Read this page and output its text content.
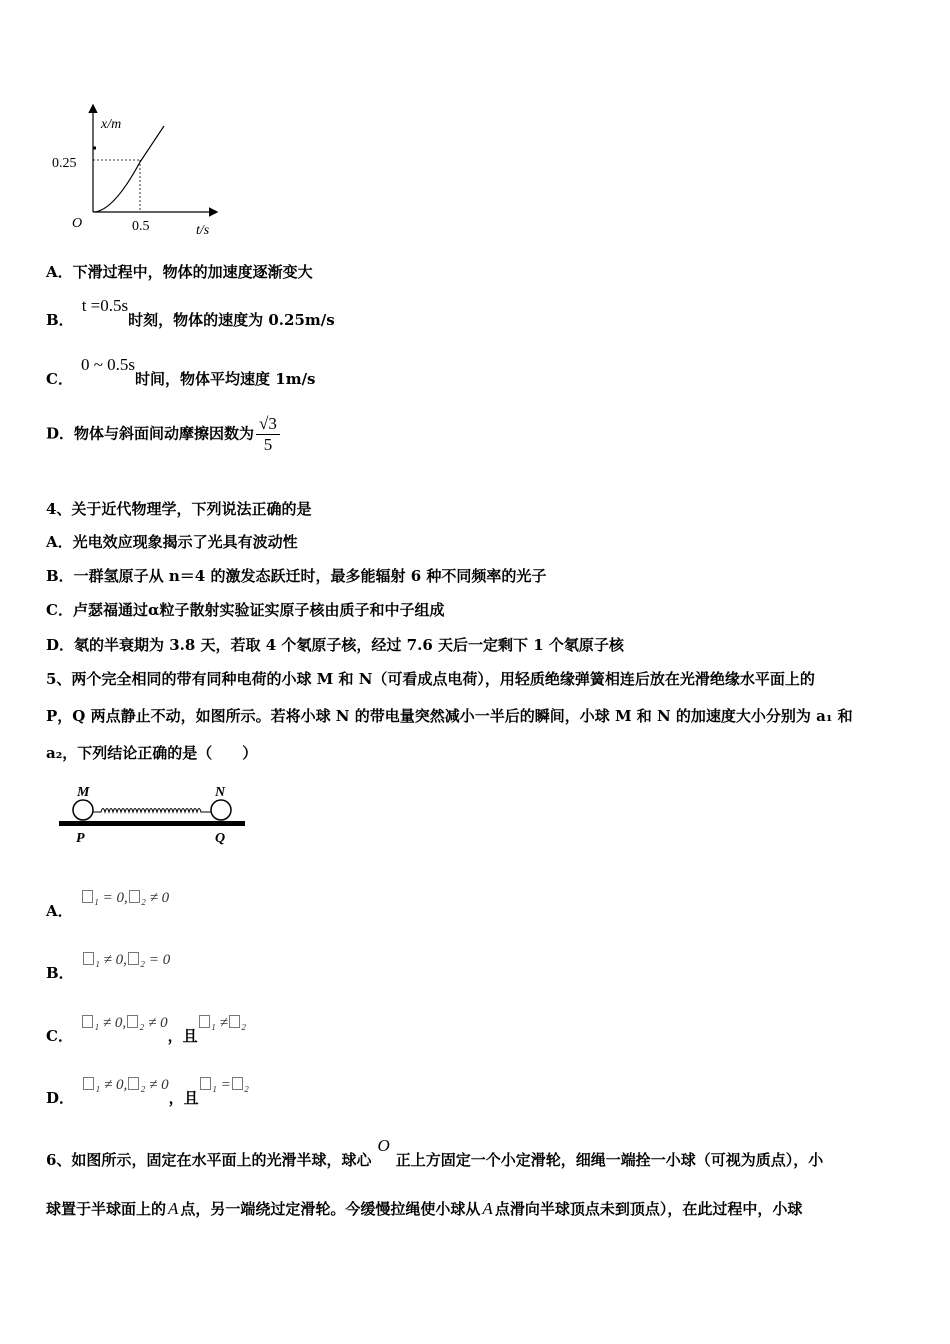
x/m
t/s
O
0.25
0.5
A．下滑过程中，物体的加速度逐渐变大
B．t =0.5s时刻，物体的速度为 0.25m/s
C．0 ~ 0.5s时间，物体平均速度 1m/s
D．物体与斜面间动摩擦因数为 $\frac{√3}{5}$
4、关于近代物理学，下列说法正确的是
A．光电效应现象揭示了光具有波动性
B．一群氢原子从 n＝4 的激发态跃迁时，最多能辐射 6 种不同频率的光子
C．卢瑟福通过α粒子散射实验证实原子核由质子和中子组成
D．氡的半衰期为 3.8 天，若取 4 个氡原子核，经过 7.6 天后一定剩下 1 个氡原子核
5、两个完全相同的带有同种电荷的小球 M 和 N（可看成点电荷），用轻质绝缘弹簧相连后放在光滑绝缘水平面上的
P，Q 两点静止不动，如图所示。若将小球 N 的带电量突然减小一半后的瞬间，小球 M 和 N 的加速度大小分别为 a₁ 和
a₂，下列结论正确的是（　　）
M	N
P	Q
A．₁ = 0, ₂ ≠ 0
B．₁ ≠ 0, ₂ = 0
C．₁ ≠ 0, ₂ ≠ 0，且₁ ≠ ₂
D．₁ ≠ 0, ₂ ≠ 0，且₁ = ₂
6、如图所示，固定在水平面上的光滑半球，球心O正上方固定一个小定滑轮，细绳一端拴一小球（可视为质点），小
球置于半球面上的 A 点，另一端绕过定滑轮。今缓慢拉绳使小球从 A 点滑向半球顶点未到顶点），在此过程中，小球
